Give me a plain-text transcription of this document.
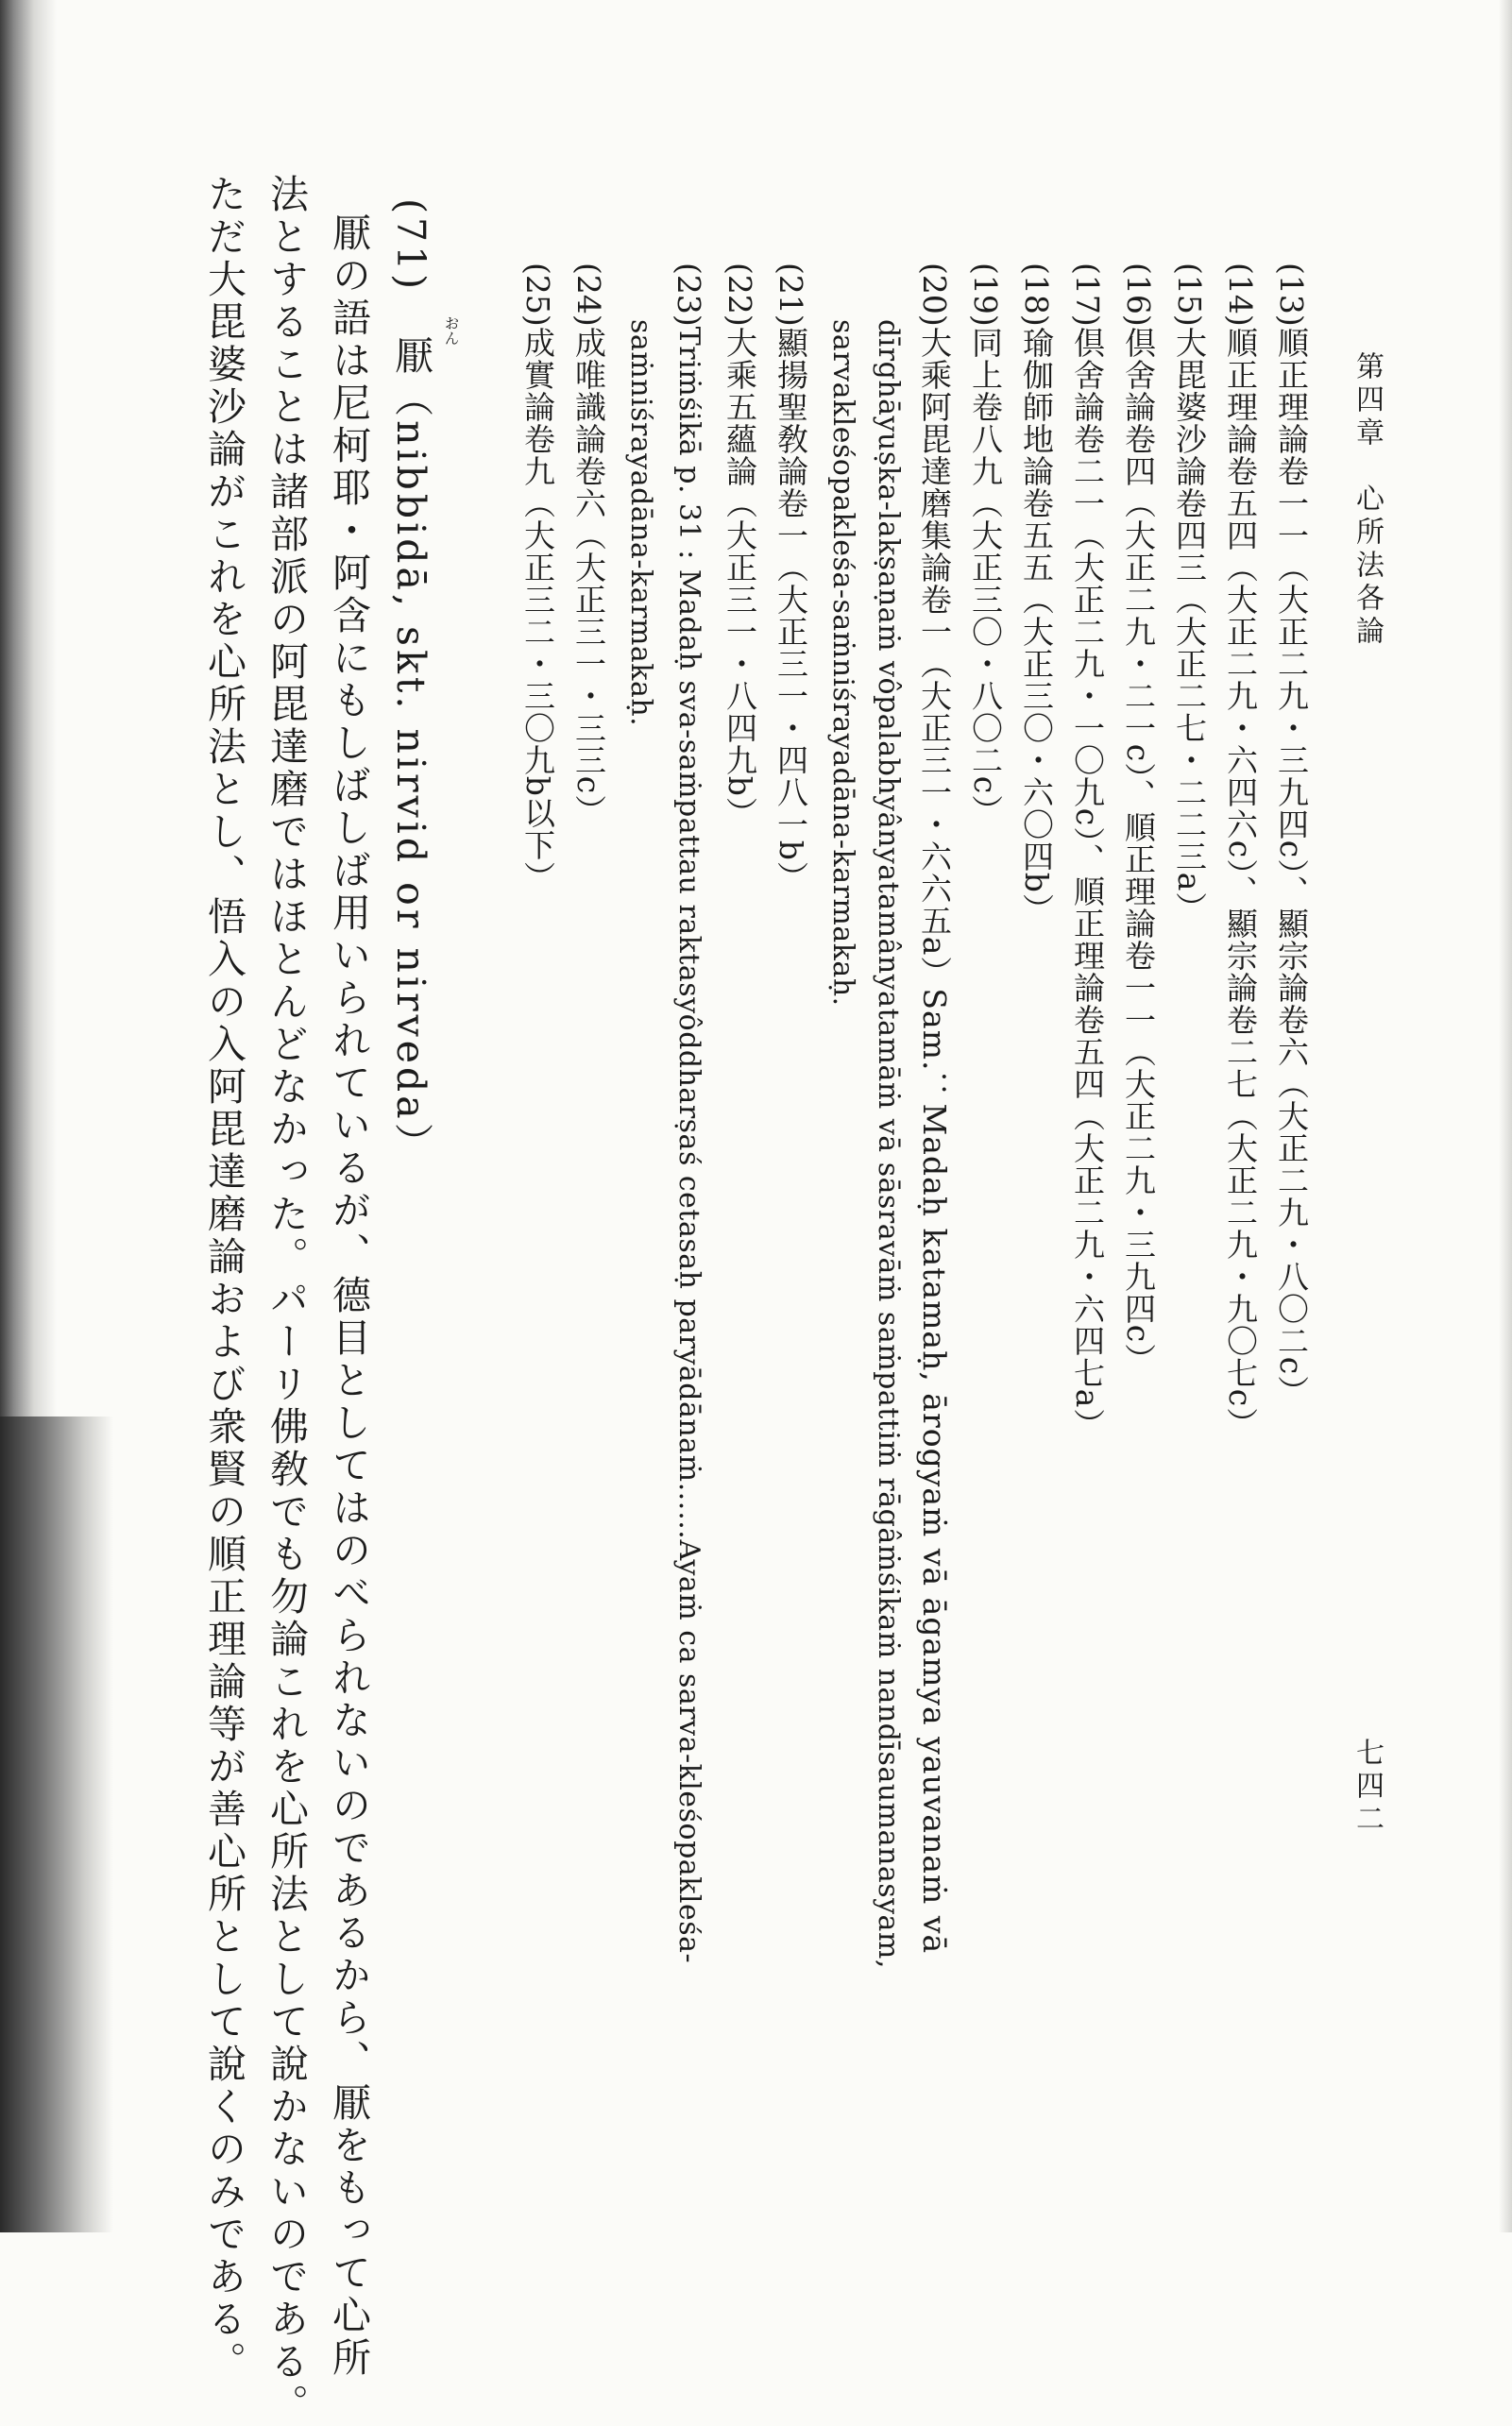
第四章　心所法各論
七四二
(13)順正理論卷一一（大正二九・三九四c）、顯宗論卷六（大正二九・八〇二c）
(14)順正理論卷五四（大正二九・六四六c）、顯宗論卷二七（大正二九・九〇七c）
(15)大毘婆沙論卷四三（大正二七・二二三a）
(16)倶舍論卷四（大正二九・二一c）、順正理論卷一一（大正二九・三九四c）
(17)倶舍論卷二一（大正二九・一〇九c）、順正理論卷五四（大正二九・六四七a）
(18)瑜伽師地論卷五五（大正三〇・六〇四b）
(19)同上卷八九（大正三〇・八〇二c）
(20)大乘阿毘達磨集論卷一（大正三一・六六五a）Sam.：Madaḥ katamaḥ, ārogyaṁ vā āgamya yauvanaṁ vā
dīrghāyuṣka-lakṣaṇaṁ vôpalabhyânyatamânyatamāṁ vā sāsravāṁ saṁpattiṁ rāgâṁśikaṁ nandīsaumanasyam,
sarvakleśopakleśa-saṁniśrayadāna-karmakaḥ.
(21)顯揚聖敎論卷一（大正三一・四八一b）
(22)大乘五蘊論（大正三一・八四九b）
(23)Triṁśikā p. 31 : Madaḥ sva-saṁpattau raktasyôddharṣaś cetasaḥ paryādānaṁ……Ayaṁ ca sarva-kleśopakleśa-
saṁniśrayadāna-karmakaḥ.
(24)成唯識論卷六（大正三一・三三c）
(25)成實論卷九（大正三二・三〇九b以下）
(71)　厭（nibbidā, skt. nirvid or nirveda） おん
厭の語は尼柯耶・阿含にもしばしば用いられているが、德目としてはのべられないのであるから、厭をもって心所
法とすることは諸部派の阿毘達磨ではほとんどなかった。パーリ佛敎でも勿論これを心所法として說かないのである。
ただ大毘婆沙論がこれを心所法とし、悟入の入阿毘達磨論および衆賢の順正理論等が善心所として說くのみである。
